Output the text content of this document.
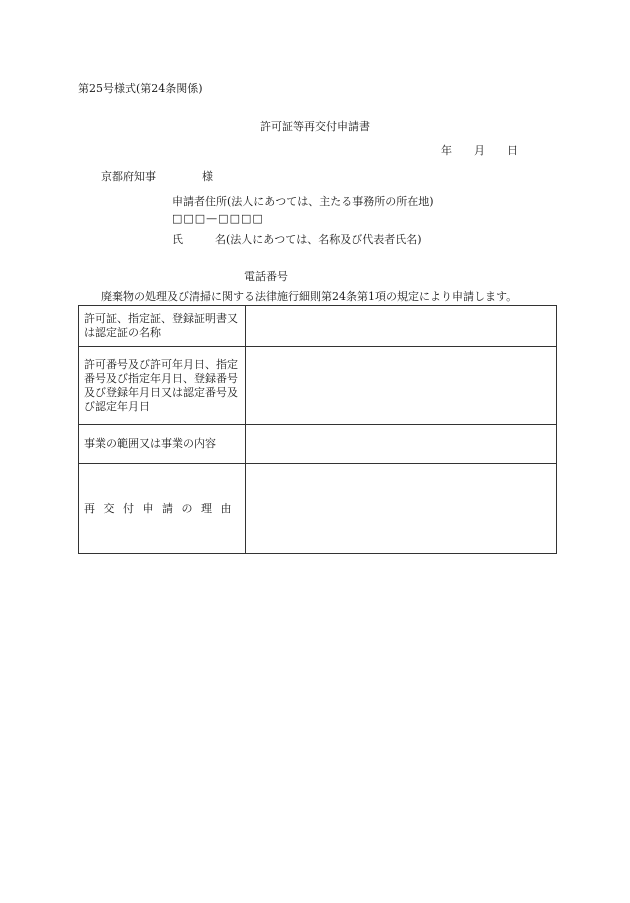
第25号様式(第24条関係)
許可証等再交付申請書
年 月 日
京都府知事	様
申請者住所(法人にあつては、主たる事務所の所在地)
□□□—□□□□
氏	名(法人にあつては、名称及び代表者氏名)
電話番号
廃棄物の処理及び清掃に関する法律施行細則第24条第1項の規定により申請します。
許可証、指定証、登録証明書又は認定証の名称	
許可番号及び許可年月日、指定番号及び指定年月日、登録番号及び登録年月日又は認定番号及び認定年月日	
事業の範囲又は事業の内容	
再交付申請の理由	
